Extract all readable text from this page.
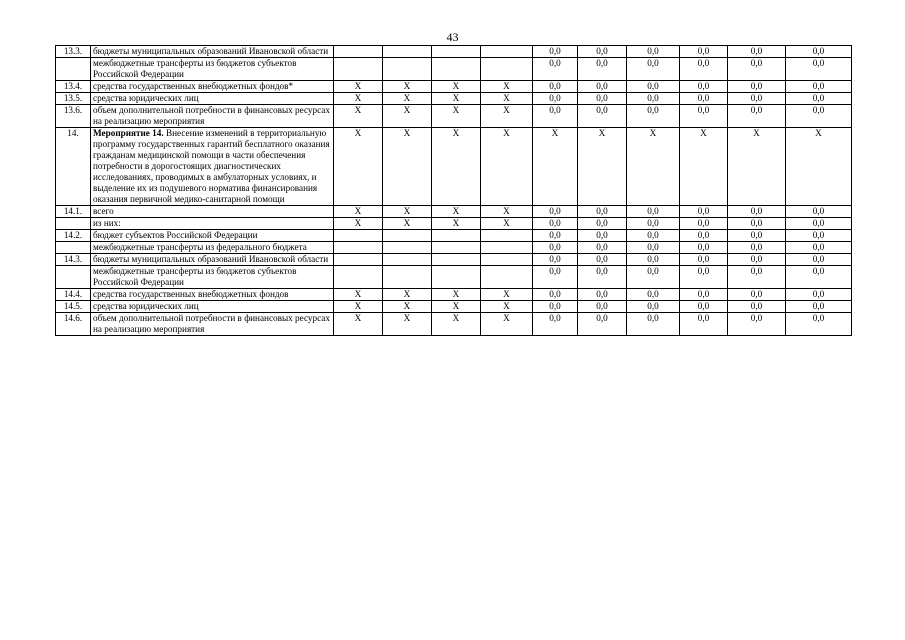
43
13.3.	бюджеты муниципальных образований Ивановской области					0,0	0,0	0,0	0,0	0,0	0,0
	межбюджетные трансферты из бюджетов субъектов Российской Федерации					0,0	0,0	0,0	0,0	0,0	0,0
13.4.	средства государственных внебюджетных фондов*	X	X	X	X	0,0	0,0	0,0	0,0	0,0	0,0
13.5.	средства юридических лиц	X	X	X	X	0,0	0,0	0,0	0,0	0,0	0,0
13.6.	объем дополнительной потребности в финансовых ресурсах на реализацию мероприятия	X	X	X	X	0,0	0,0	0,0	0,0	0,0	0,0
14.	Мероприятие 14. Внесение изменений в территориальную программу государственных гарантий бесплатного оказания гражданам медицинской помощи в части обеспечения потребности в дорогостоящих диагностических исследованиях, проводимых в амбулаторных условиях, и выделение их из подушевого норматива финансирования оказания первичной медико-санитарной помощи	X	X	X	X	X	X	X	X	X	X
14.1.	всего	X	X	X	X	0,0	0,0	0,0	0,0	0,0	0,0
	из них:	X	X	X	X	0,0	0,0	0,0	0,0	0,0	0,0
14.2.	бюджет субъектов Российской Федерации					0,0	0,0	0,0	0,0	0,0	0,0
	межбюджетные трансферты из федерального бюджета					0,0	0,0	0,0	0,0	0,0	0,0
14.3.	бюджеты муниципальных образований Ивановской области					0,0	0,0	0,0	0,0	0,0	0,0
	межбюджетные трансферты из бюджетов субъектов Российской Федерации					0,0	0,0	0,0	0,0	0,0	0,0
14.4.	средства государственных внебюджетных фондов	X	X	X	X	0,0	0,0	0,0	0,0	0,0	0,0
14.5.	средства юридических лиц	X	X	X	X	0,0	0,0	0,0	0,0	0,0	0,0
14.6.	объем дополнительной потребности в финансовых ресурсах на реализацию мероприятия	X	X	X	X	0,0	0,0	0,0	0,0	0,0	0,0
